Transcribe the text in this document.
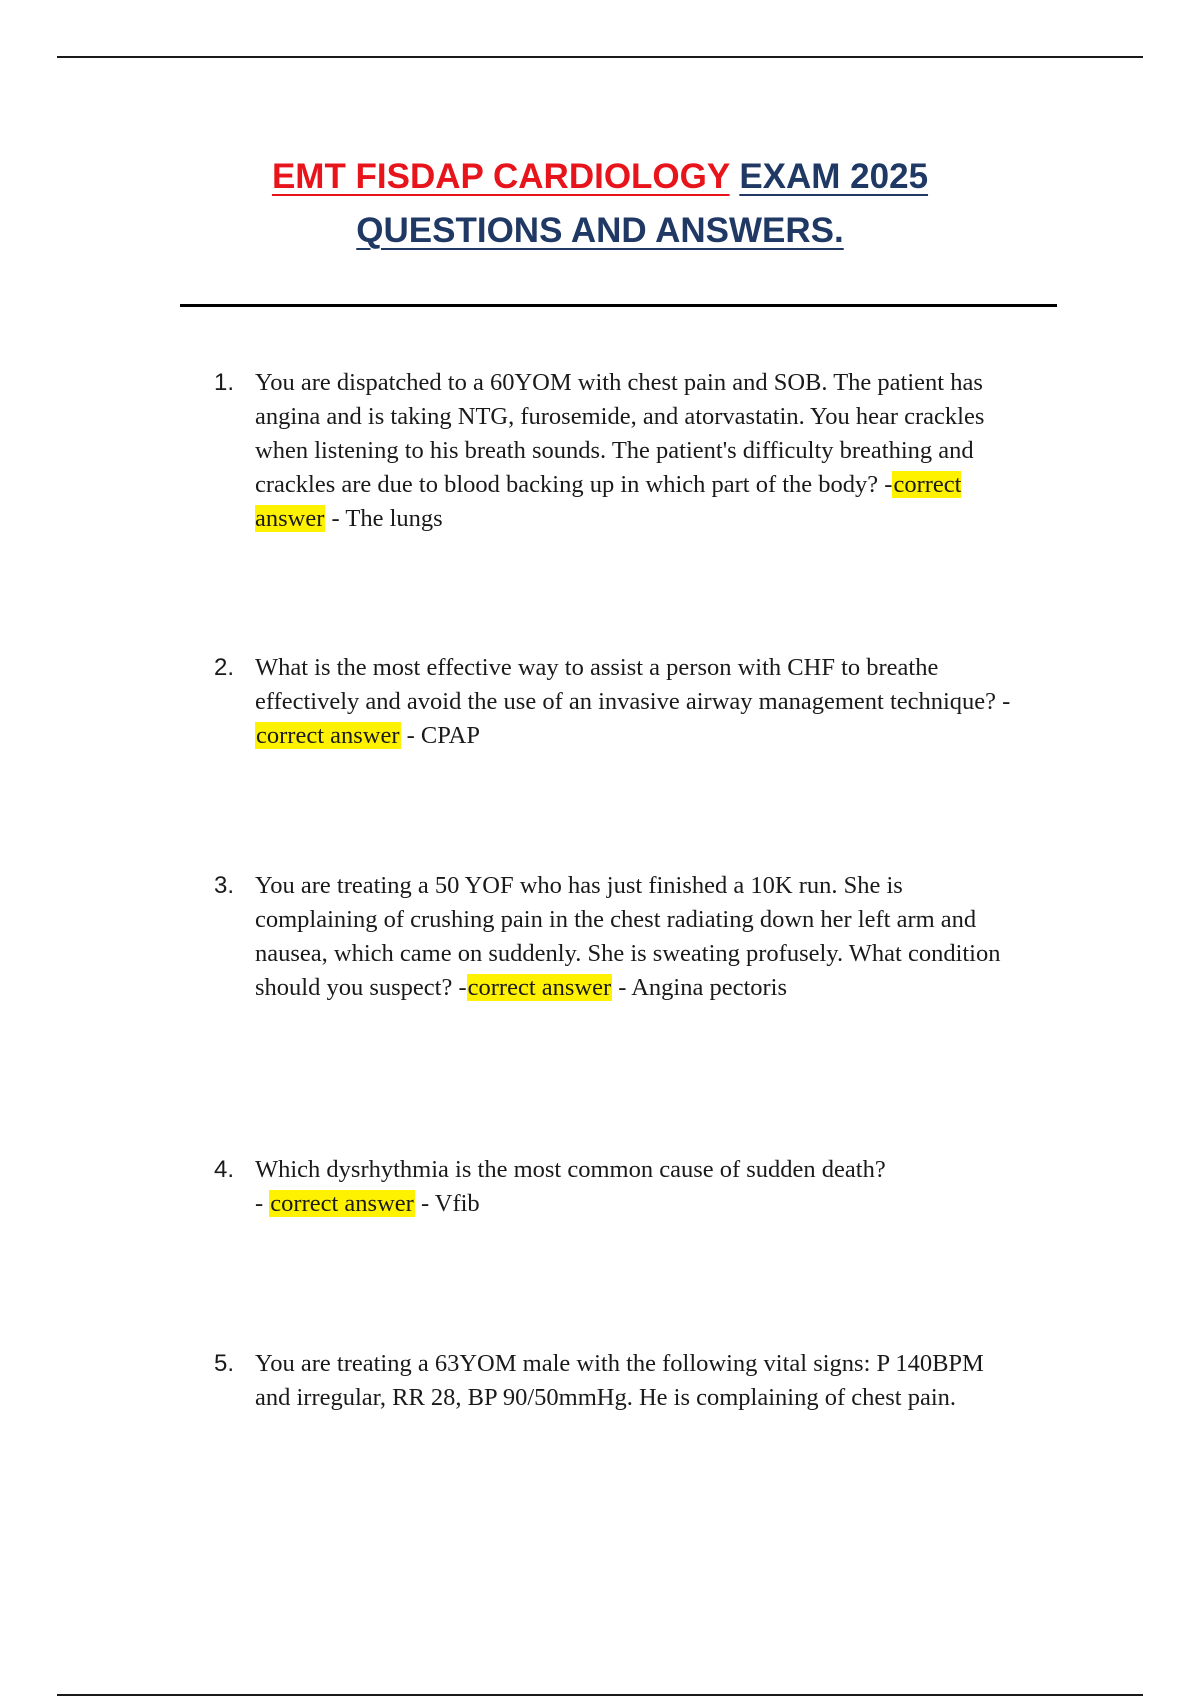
EMT FISDAP CARDIOLOGY EXAM 2025
QUESTIONS AND ANSWERS.
1. You are dispatched to a 60YOM with chest pain and SOB. The patient has angina and is taking NTG, furosemide, and atorvastatin. You hear crackles when listening to his breath sounds. The patient's difficulty breathing and crackles are due to blood backing up in which part of the body? -correct answer - The lungs
2. What is the most effective way to assist a person with CHF to breathe effectively and avoid the use of an invasive airway management technique? -correct answer - CPAP
3. You are treating a 50 YOF who has just finished a 10K run. She is complaining of crushing pain in the chest radiating down her left arm and nausea, which came on suddenly. She is sweating profusely. What condition should you suspect? -correct answer - Angina pectoris
4. Which dysrhythmia is the most common cause of sudden death? - correct answer - Vfib
5. You are treating a 63YOM male with the following vital signs: P 140BPM and irregular, RR 28, BP 90/50mmHg. He is complaining of chest pain.
